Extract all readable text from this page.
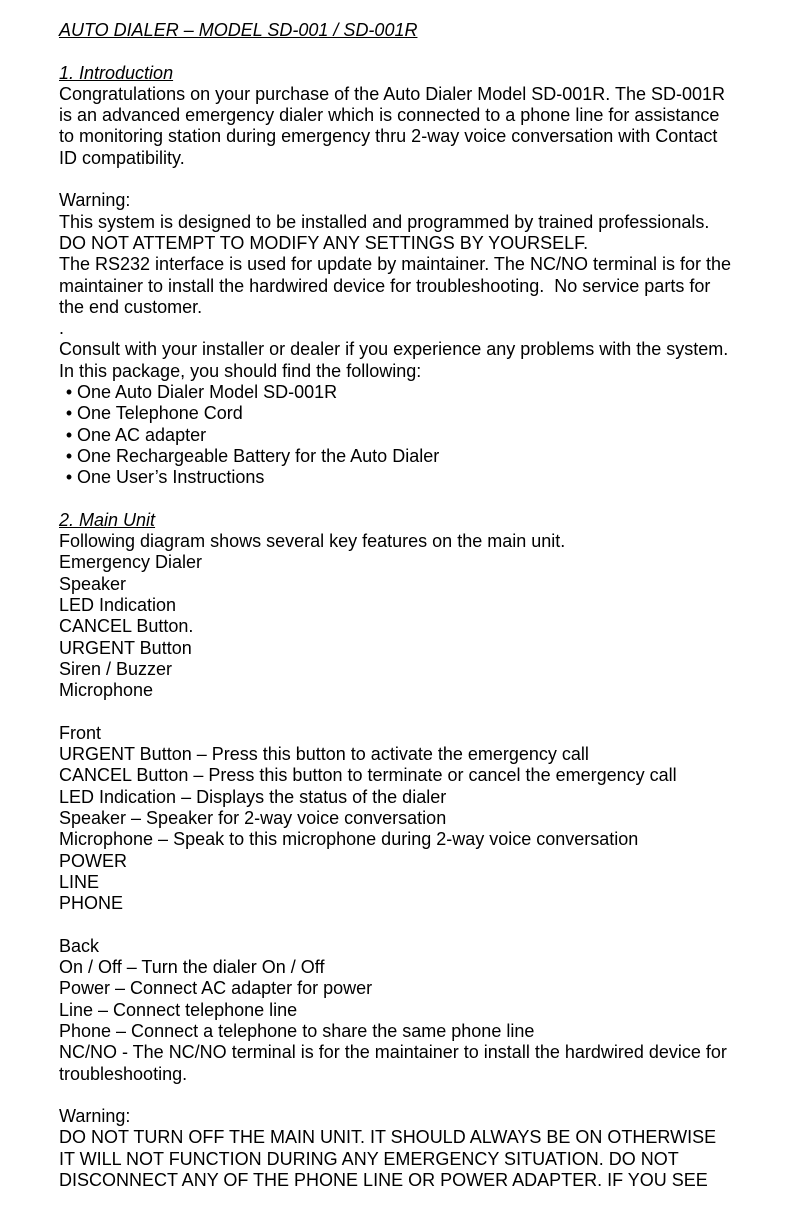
AUTO DIALER – MODEL SD-001 / SD-001R
1. Introduction
Congratulations on your purchase of the Auto Dialer Model SD-001R. The SD-001R
is an advanced emergency dialer which is connected to a phone line for assistance
to monitoring station during emergency thru 2-way voice conversation with Contact
ID compatibility.
Warning:
This system is designed to be installed and programmed by trained professionals.
DO NOT ATTEMPT TO MODIFY ANY SETTINGS BY YOURSELF.
The RS232 interface is used for update by maintainer. The NC/NO terminal is for the
maintainer to install the hardwired device for troubleshooting.  No service parts for
the end customer.
.
Consult with your installer or dealer if you experience any problems with the system.
In this package, you should find the following:
• One Auto Dialer Model SD-001R
• One Telephone Cord
• One AC adapter
• One Rechargeable Battery for the Auto Dialer
• One User’s Instructions
2. Main Unit
Following diagram shows several key features on the main unit.
Emergency Dialer
Speaker
LED Indication
CANCEL Button.
URGENT Button
Siren / Buzzer
Microphone
Front
URGENT Button – Press this button to activate the emergency call
CANCEL Button – Press this button to terminate or cancel the emergency call
LED Indication – Displays the status of the dialer
Speaker – Speaker for 2-way voice conversation
Microphone – Speak to this microphone during 2-way voice conversation
POWER
LINE
PHONE
Back
On / Off – Turn the dialer On / Off
Power – Connect AC adapter for power
Line – Connect telephone line
Phone – Connect a telephone to share the same phone line
NC/NO - The NC/NO terminal is for the maintainer to install the hardwired device for
troubleshooting.
Warning:
DO NOT TURN OFF THE MAIN UNIT. IT SHOULD ALWAYS BE ON OTHERWISE
IT WILL NOT FUNCTION DURING ANY EMERGENCY SITUATION. DO NOT
DISCONNECT ANY OF THE PHONE LINE OR POWER ADAPTER. IF YOU SEE
